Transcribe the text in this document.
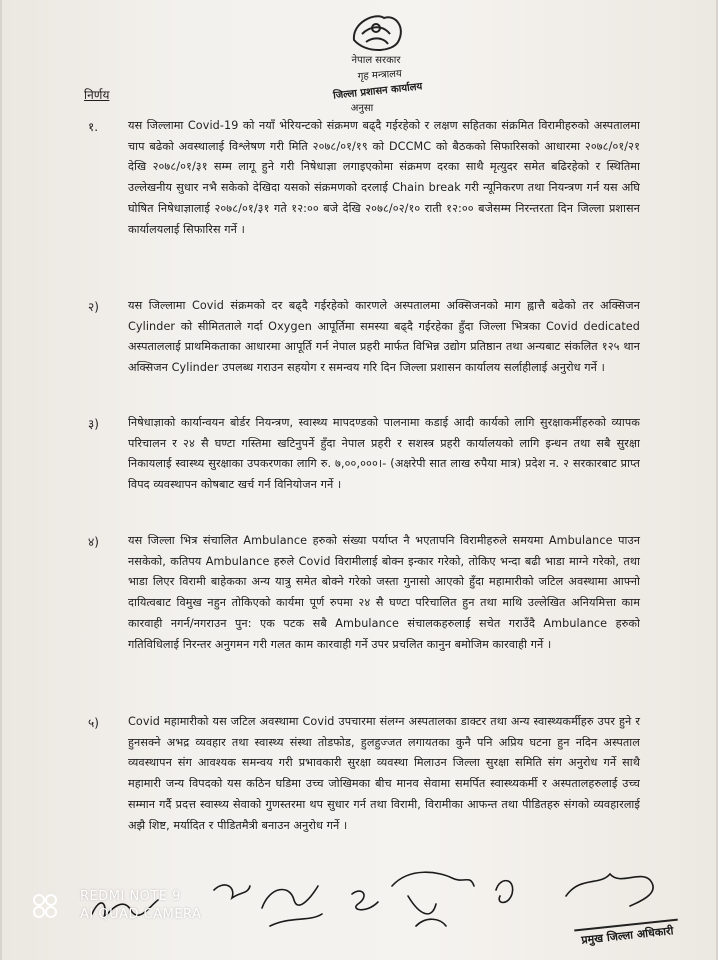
नेपाल सरकार
गृह मन्त्रालय
जिल्ला प्रशासन कार्यालय
अनुसा
निर्णय
१.	यस जिल्लामा Covid-19 को नयाँ भेरियन्टको संक्रमण बढ्दै गईरहेको र लक्षण सहितका संक्रमित विरामीहरुको अस्पतालमा चाप बढेको अवस्थालाई विश्लेषण गरी मिति २०७८/०१/१९ को DCCMC को बैठकको सिफारिसको आधारमा २०७८/०१/२१ देखि २०७८/०१/३१ सम्म लागू हुने गरी निषेधाज्ञा लगाइएकोमा संक्रमण दरका साथै मृत्युदर समेत बढिरहेको र स्थितिमा उल्लेखनीय सुधार नभै सकेको देखिदा यसको संक्रमणको दरलाई Chain break गरी न्यूनिकरण तथा नियन्त्रण गर्न यस अघि घोषित निषेधाज्ञालाई २०७८/०१/३१ गते १२:०० बजे देखि २०७८/०२/१० राती १२:०० बजेसम्म निरन्तरता दिन जिल्ला प्रशासन कार्यालयलाई सिफारिस गर्ने ।
२)	यस जिल्लामा Covid संक्रमको दर बढ्दै गईरहेको कारणले अस्पतालमा अक्सिजनको माग ह्वात्तै बढेको तर अक्सिजन Cylinder को सीमितताले गर्दा Oxygen आपूर्तिमा समस्या बढ्दै गईरहेका हुँदा जिल्ला भित्रका Covid dedicated अस्पताललाई प्राथमिकताका आधारमा आपूर्ति गर्न नेपाल प्रहरी मार्फत विभिन्न उद्योग प्रतिष्ठान तथा अन्यबाट संकलित १२५ थान अक्सिजन Cylinder उपलब्ध गराउन सहयोग र समन्वय गरि दिन जिल्ला प्रशासन कार्यालय सर्लाहीलाई अनुरोध गर्ने ।
३)	निषेधाज्ञाको कार्यान्वयन बोर्डर नियन्त्रण, स्वास्थ्य मापदण्डको पालनामा कडाई आदी कार्यको लागि सुरक्षाकर्मीहरुको व्यापक परिचालन र २४ सै घण्टा गस्तिमा खटिनुपर्ने हुँदा नेपाल प्रहरी र सशस्त्र प्रहरी कार्यालयको लागि इन्धन तथा सबै सुरक्षा निकायलाई स्वास्थ्य सुरक्षाका उपकरणका लागि रु. ७,००,०००।- (अक्षरेपी सात लाख रुपैया मात्र) प्रदेश न. २ सरकारबाट प्राप्त विपद व्यवस्थापन कोषबाट खर्च गर्न विनियोजन गर्ने ।
४)	यस जिल्ला भित्र संचालित Ambulance हरुको संख्या पर्याप्त नै भएतापनि विरामीहरुले समयमा Ambulance पाउन नसकेको, कतिपय Ambulance हरुले Covid विरामीलाई बोक्न इन्कार गरेको, तोकिए भन्दा बढी भाडा माग्ने गरेको, तथा भाडा लिएर विरामी बाहेकका अन्य यात्रु समेत बोक्ने गरेको जस्ता गुनासो आएको हुँदा महामारीको जटिल अवस्थामा आफ्नो दायित्वबाट विमुख नहुन तोकिएको कार्यमा पूर्ण रुपमा २४ सै घण्टा परिचालित हुन तथा माथि उल्लेखित अनियमित्ता काम कारवाही नगर्न/नगराउन पुन: एक पटक सबै Ambulance संचालकहरुलाई सचेत गराउँदै Ambulance हरुको गतिविधिलाई निरन्तर अनुगमन गरी गलत काम कारवाही गर्ने उपर प्रचलित कानुन बमोजिम कारवाही गर्ने ।
५)	Covid महामारीको यस जटिल अवस्थामा Covid उपचारमा संलग्न अस्पतालका डाक्टर तथा अन्य स्वास्थ्यकर्मीहरु उपर हुने र हुनसक्ने अभद्र व्यवहार तथा स्वास्थ्य संस्था तोडफोड, हुलहुज्जत लगायतका कुनै पनि अप्रिय घटना हुन नदिन अस्पताल व्यवस्थापन संग आवश्यक समन्वय गरी प्रभावकारी सुरक्षा व्यवस्था मिलाउन जिल्ला सुरक्षा समिति संग अनुरोध गर्ने साथै महामारी जन्य विपदको यस कठिन घडिमा उच्च जोखिमका बीच मानव सेवामा समर्पित स्वास्थ्यकर्मी र अस्पतालहरुलाई उच्च सम्मान गर्दै प्रदत्त स्वास्थ्य सेवाको गुणस्तरमा थप सुधार गर्न तथा विरामी, विरामीका आफन्त तथा पीडितहरु संगको व्यवहारलाई अझै शिष्ट, मर्यादित र पीडितमैत्री बनाउन अनुरोध गर्ने ।
प्रमुख जिल्ला अधिकारी
REDMI NOTE 9
AI QUAD CAMERA
